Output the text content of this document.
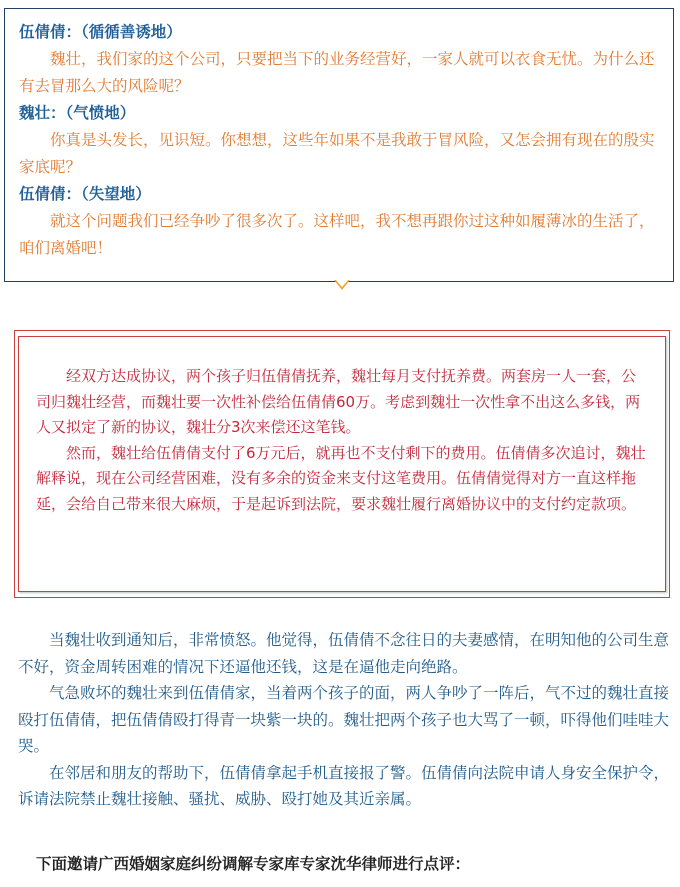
伍倩倩：（循循善诱地）
魏壮，我们家的这个公司，只要把当下的业务经营好，一家人就可以衣食无忧。为什么还有去冒那么大的风险呢？
魏壮：（气愤地）
你真是头发长，见识短。你想想，这些年如果不是我敢于冒风险，又怎会拥有现在的殷实家底呢？
伍倩倩：（失望地）
就这个问题我们已经争吵了很多次了。这样吧，我不想再跟你过这种如履薄冰的生活了，咱们离婚吧！

经双方达成协议，两个孩子归伍倩倩抚养，魏壮每月支付抚养费。两套房一人一套，公司归魏壮经营，而魏壮要一次性补偿给伍倩倩60万。考虑到魏壮一次性拿不出这么多钱，两人又拟定了新的协议，魏壮分3次来偿还这笔钱。

然而，魏壮给伍倩倩支付了6万元后，就再也不支付剩下的费用。伍倩倩多次追讨，魏壮解释说，现在公司经营困难，没有多余的资金来支付这笔费用。伍倩倩觉得对方一直这样拖延，会给自己带来很大麻烦，于是起诉到法院，要求魏壮履行离婚协议中的支付约定款项。

当魏壮收到通知后，非常愤怒。他觉得，伍倩倩不念往日的夫妻感情，在明知他的公司生意不好，资金周转困难的情况下还逼他还钱，这是在逼他走向绝路。

气急败坏的魏壮来到伍倩倩家，当着两个孩子的面，两人争吵了一阵后，气不过的魏壮直接殴打伍倩倩，把伍倩倩殴打得青一块紫一块的。魏壮把两个孩子也大骂了一顿，吓得他们哇哇大哭。

在邻居和朋友的帮助下，伍倩倩拿起手机直接报了警。伍倩倩向法院申请人身安全保护令，诉请法院禁止魏壮接触、骚扰、威胁、殴打她及其近亲属。

下面邀请广西婚姻家庭纠纷调解专家库专家沈华律师进行点评：
